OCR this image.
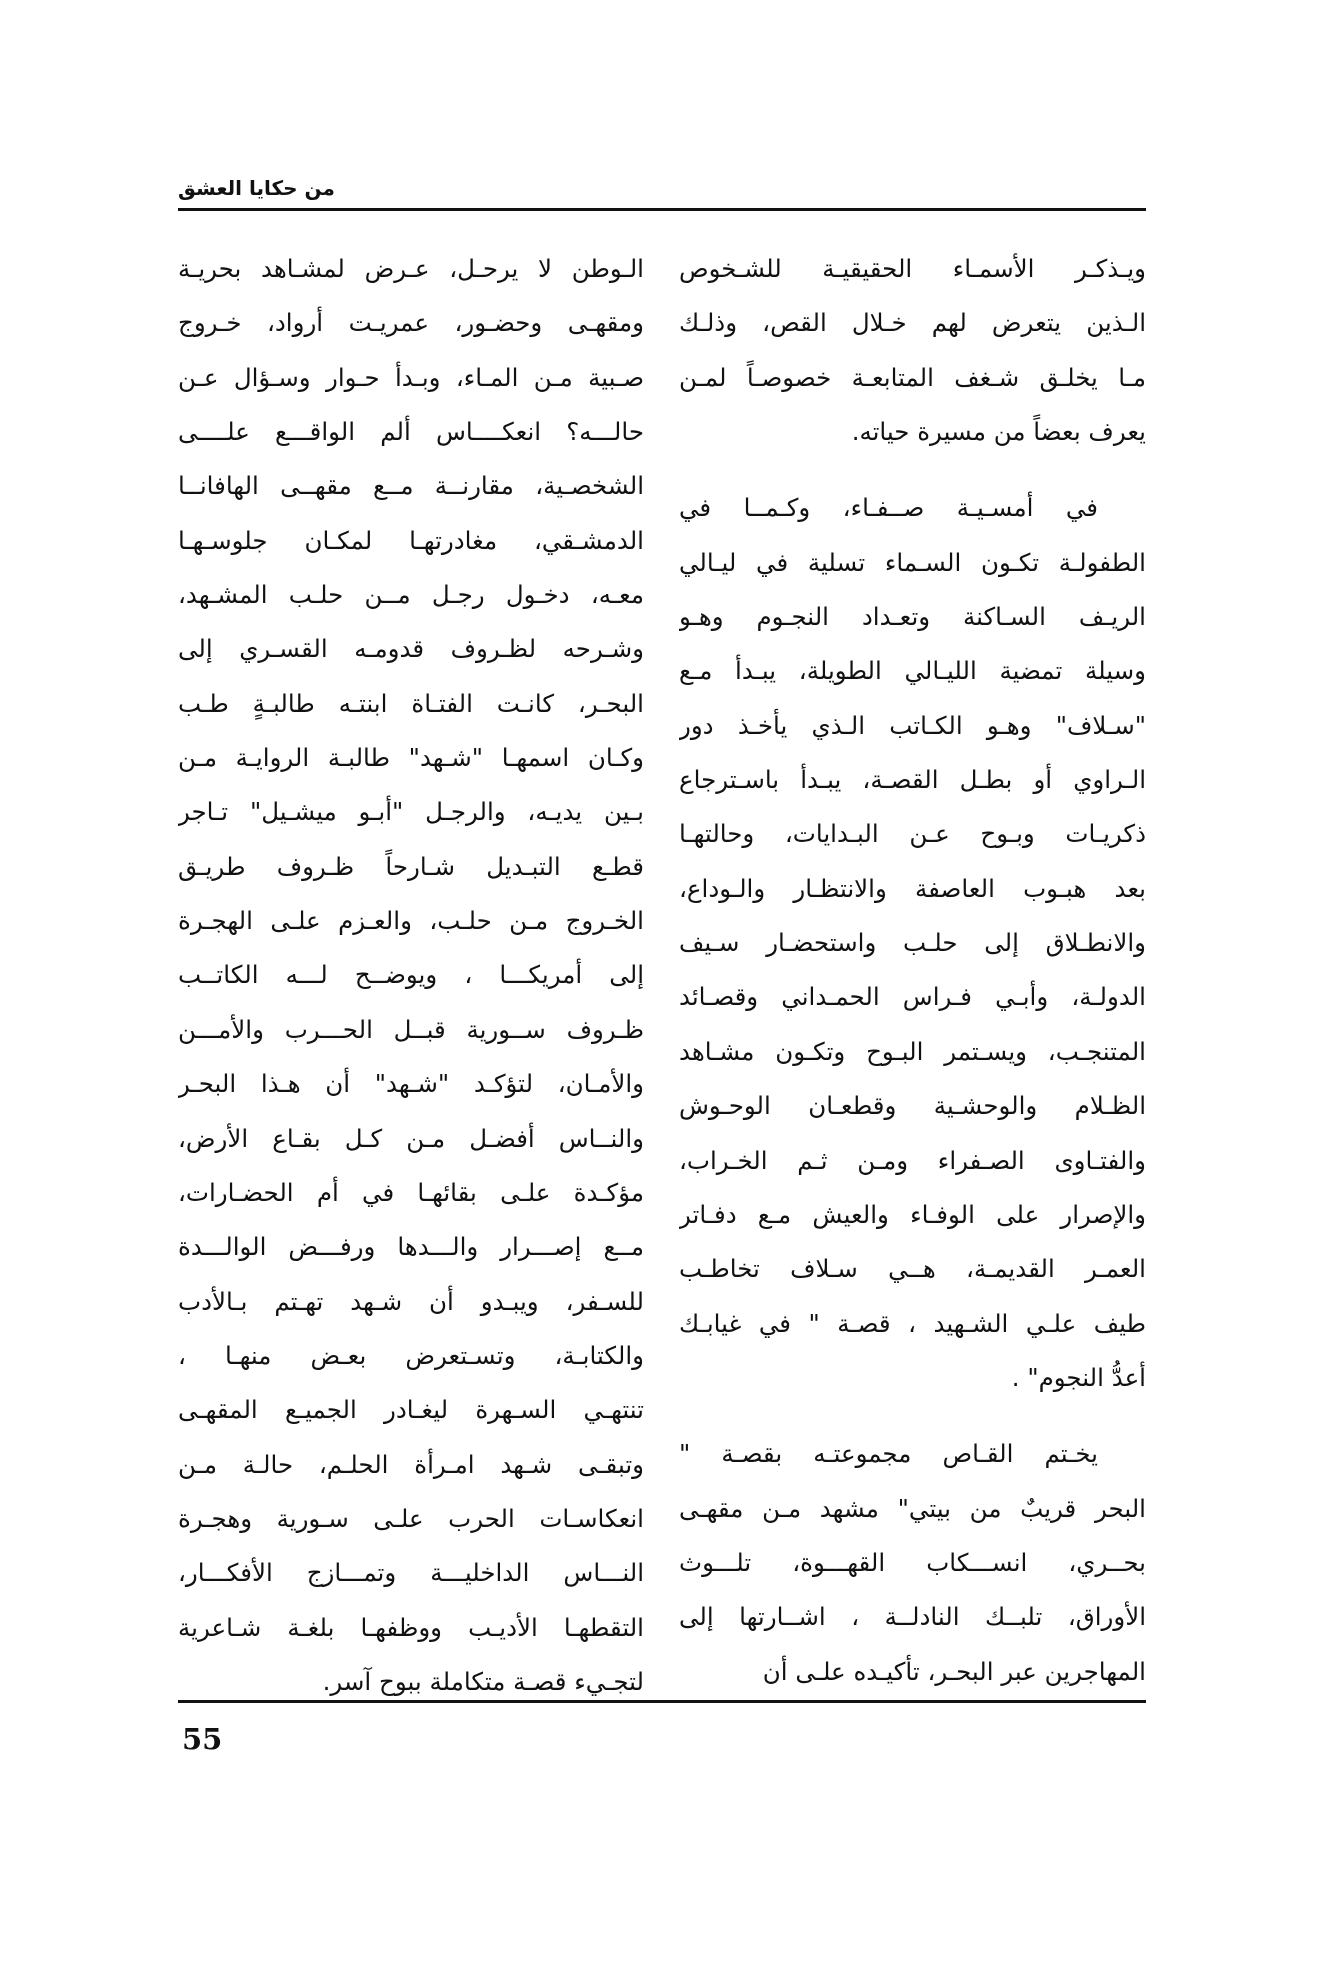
من حكايا العشق
ويـذكـر الأسمـاء الحقيقيـة للشـخوص
الـذين يتعرض لهم خـلال القص، وذلـك
مـا يخلـق شـغف المتابعـة خصوصـاً لمـن
يعرف بعضاً من مسيرة حياته.
في أمسـيـة صــفـاء، وكـمــا في
الطفولـة تكـون السـماء تسلية في ليـالي
الريـف السـاكنة وتعـداد النجـوم وهـو
وسيلة تمضية الليـالي الطويلة، يبـدأ مـع
"سـلاف" وهـو الكـاتب الـذي يأخـذ دور
الـراوي أو بطـل القصـة، يبـدأ باسـترجاع
ذكريـات وبـوح عـن البـدايات، وحالتهـا
بعد هبـوب العاصفة والانتظـار والـوداع،
والانطـلاق إلى حلـب واستحضـار سـيف
الدولـة، وأبـي فـراس الحمـداني وقصـائد
المتنجـب، ويسـتمر البـوح وتكـون مشـاهد
الظـلام والوحشـية وقطعـان الوحـوش
والفتـاوى الصـفراء ومـن ثـم الخـراب،
والإصرار على الوفـاء والعيش مـع دفـاتر
العمـر القديمـة، هــي سـلاف تخاطـب
طيف علـي الشـهيد ، قصـة " في غيابـك
أعدُّ النجوم" .
يخـتم القـاص مجموعتـه بقصـة "
البحر قريبٌ من بيتي" مشهد مـن مقهـى
بحــري، انســـكاب القهـــوة، تلـــوث
الأوراق، تلبــك النادلــة ، اشــارتها إلى
المهاجرين عبر البحـر، تأكيـده علـى أن
الـوطن لا يرحـل، عـرض لمشـاهد بحريـة
ومقهـى وحضـور، عمريـت أرواد، خـروج
صـبية مـن المـاء، وبـدأ حـوار وسـؤال عـن
حالـــه؟ انعكــــاس ألم الواقـــع علــــى
الشخصـية، مقارنــة مــع مقهــى الهافانــا
الدمشـقي، مغادرتهـا لمكـان جلوسـهـا
معـه، دخـول رجـل مــن حلـب المشـهد،
وشـرحه لظـروف قدومـه القسـري إلى
البحـر، كانـت الفتـاة ابنتـه طالبـةٍ طـب
وكـان اسمهـا "شـهد" طالبـة الروايـة مـن
بـين يديـه، والرجـل "أبـو ميشـيل" تـاجر
قطـع التبـديل شـارحاً ظـروف طريـق
الخـروج مـن حلـب، والعـزم علـى الهجـرة
إلى أمريكـــا ، ويوضــح لـــه الكاتــب
ظـروف ســورية قبــل الحـــرب والأمـــن
والأمـان، لتؤكـد "شـهد" أن هـذا البحـر
والنــاس أفضـل مـن كـل بقـاع الأرض،
مؤكـدة علـى بقائهـا في أم الحضـارات،
مــع إصـــرار والـــدها ورفـــض الوالـــدة
للسـفر، ويبـدو أن شـهد تهـتم بـالأدب
والكتابـة، وتسـتعرض بعـض منهـا ،
تنتهـي السـهرة ليغـادر الجميـع المقهـى
وتبقـى شـهد امـرأة الحلـم، حالـة مـن
انعكاسـات الحرب علـى سـورية وهجـرة
النـــاس الداخليـــة وتمـــازج الأفكـــار،
التقطهـا الأديـب ووظفهـا بلغـة شـاعرية
لتجـيء قصـة متكاملة ببوح آسر.
55
